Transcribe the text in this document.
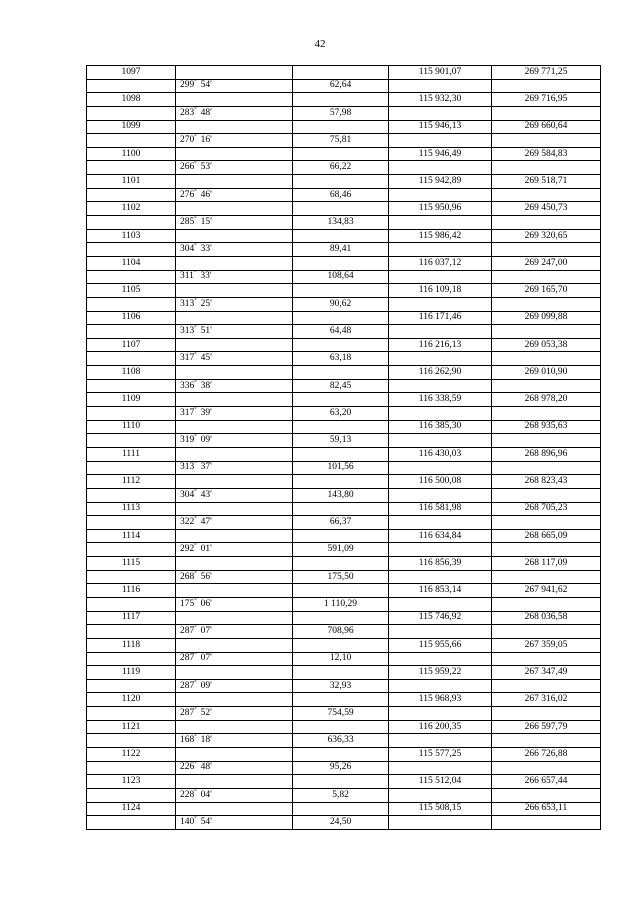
42
1097			115 901,07	269 771,25
	299° 54'	62,64		
1098			115 932,30	269 716,95
	283° 48'	57,98		
1099			115 946,13	269 660,64
	270° 16'	75,81		
1100			115 946,49	269 584,83
	266° 53'	66,22		
1101			115 942,89	269 518,71
	276° 46'	68,46		
1102			115 950,96	269 450,73
	285° 15'	134,83		
1103			115 986,42	269 320,65
	304° 33'	89,41		
1104			116 037,12	269 247,00
	311° 33'	108,64		
1105			116 109,18	269 165,70
	313° 25'	90,62		
1106			116 171,46	269 099,88
	313° 51'	64,48		
1107			116 216,13	269 053,38
	317° 45'	63,18		
1108			116 262,90	269 010,90
	336° 38'	82,45		
1109			116 338,59	268 978,20
	317° 39'	63,20		
1110			116 385,30	268 935,63
	319° 09'	59,13		
1111			116 430,03	268 896,96
	313° 37'	101,56		
1112			116 500,08	268 823,43
	304° 43'	143,80		
1113			116 581,98	268 705,23
	322° 47'	66,37		
1114			116 634,84	268 665,09
	292° 01'	591,09		
1115			116 856,39	268 117,09
	268° 56'	175,50		
1116			116 853,14	267 941,62
	175° 06'	1 110,29		
1117			115 746,92	268 036,58
	287° 07'	708,96		
1118			115 955,66	267 359,05
	287° 07'	12,10		
1119			115 959,22	267 347,49
	287° 09'	32,93		
1120			115 968,93	267 316,02
	287° 52'	754,59		
1121			116 200,35	266 597,79
	168° 18'	636,33		
1122			115 577,25	266 726,88
	226° 48'	95,26		
1123			115 512,04	266 657,44
	228° 04'	5,82		
1124			115 508,15	266 653,11
	140° 54'	24,50		
